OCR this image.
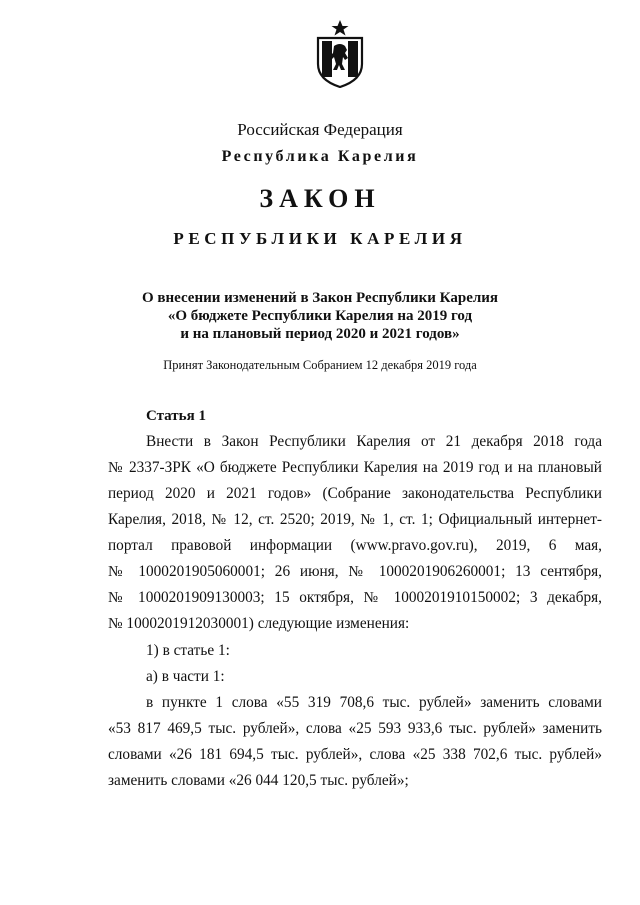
Российская Федерация
Республика Карелия
ЗАКОН
РЕСПУБЛИКИ КАРЕЛИЯ
О внесении изменений в Закон Республики Карелия
«О бюджете Республики Карелия на 2019 год
и на плановый период 2020 и 2021 годов»
Принят Законодательным Собранием 12 декабря 2019 года
Статья 1
Внести в Закон Республики Карелия от 21 декабря 2018 года
№ 2337-ЗРК «О бюджете Республики Карелия на 2019 год и на плановый
период 2020 и 2021 годов» (Собрание законодательства Республики
Карелия, 2018, № 12, ст. 2520; 2019, № 1, ст. 1; Официальный интернет-
портал правовой информации (www.pravo.gov.ru), 2019, 6 мая,
№ 1000201905060001; 26 июня, № 1000201906260001; 13 сентября,
№ 1000201909130003; 15 октября, № 1000201910150002; 3 декабря,
№ 1000201912030001) следующие изменения:
1) в статье 1:
а) в части 1:
в пункте 1 слова «55 319 708,6 тыс. рублей» заменить словами
«53 817 469,5 тыс. рублей», слова «25 593 933,6 тыс. рублей» заменить
словами «26 181 694,5 тыс. рублей», слова «25 338 702,6 тыс. рублей»
заменить словами «26 044 120,5 тыс. рублей»;
